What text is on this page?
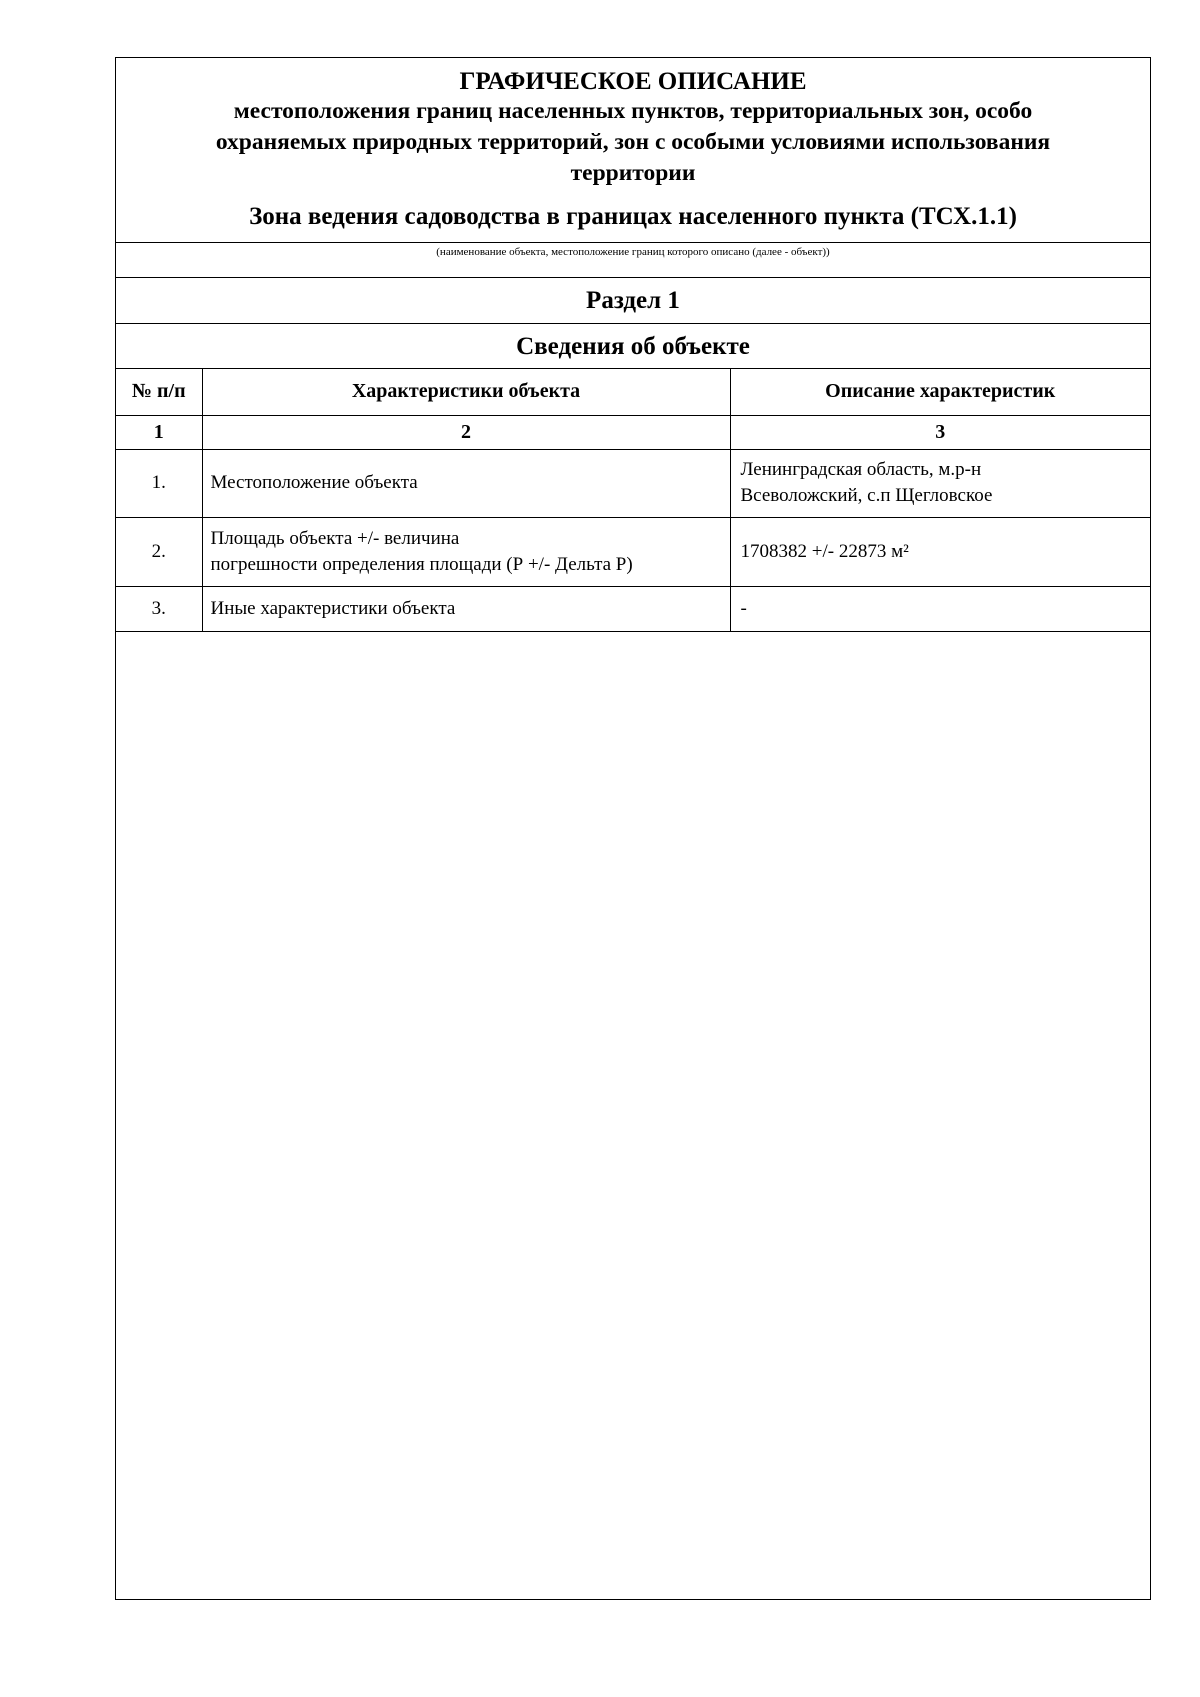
ГРАФИЧЕСКОЕ ОПИСАНИЕ
местоположения границ населенных пунктов, территориальных зон, особо
охраняемых природных территорий, зон с особыми условиями использования
территории
Зона ведения садоводства в границах населенного пункта (ТСХ.1.1)
(наименование объекта, местоположение границ которого описано (далее - объект))
Раздел 1
Сведения об объекте
№ п/п	Характеристики объекта	Описание характеристик
1	2	3
1.	Местоположение объекта	Ленинградская область, м.р-н
Всеволожский, с.п Щегловское

2.	Площадь объекта +/- величина
погрешности определения площади (Р +/- Дельта Р)	1708382 +/- 22873 м²

3.	Иные характеристики объекта	-
